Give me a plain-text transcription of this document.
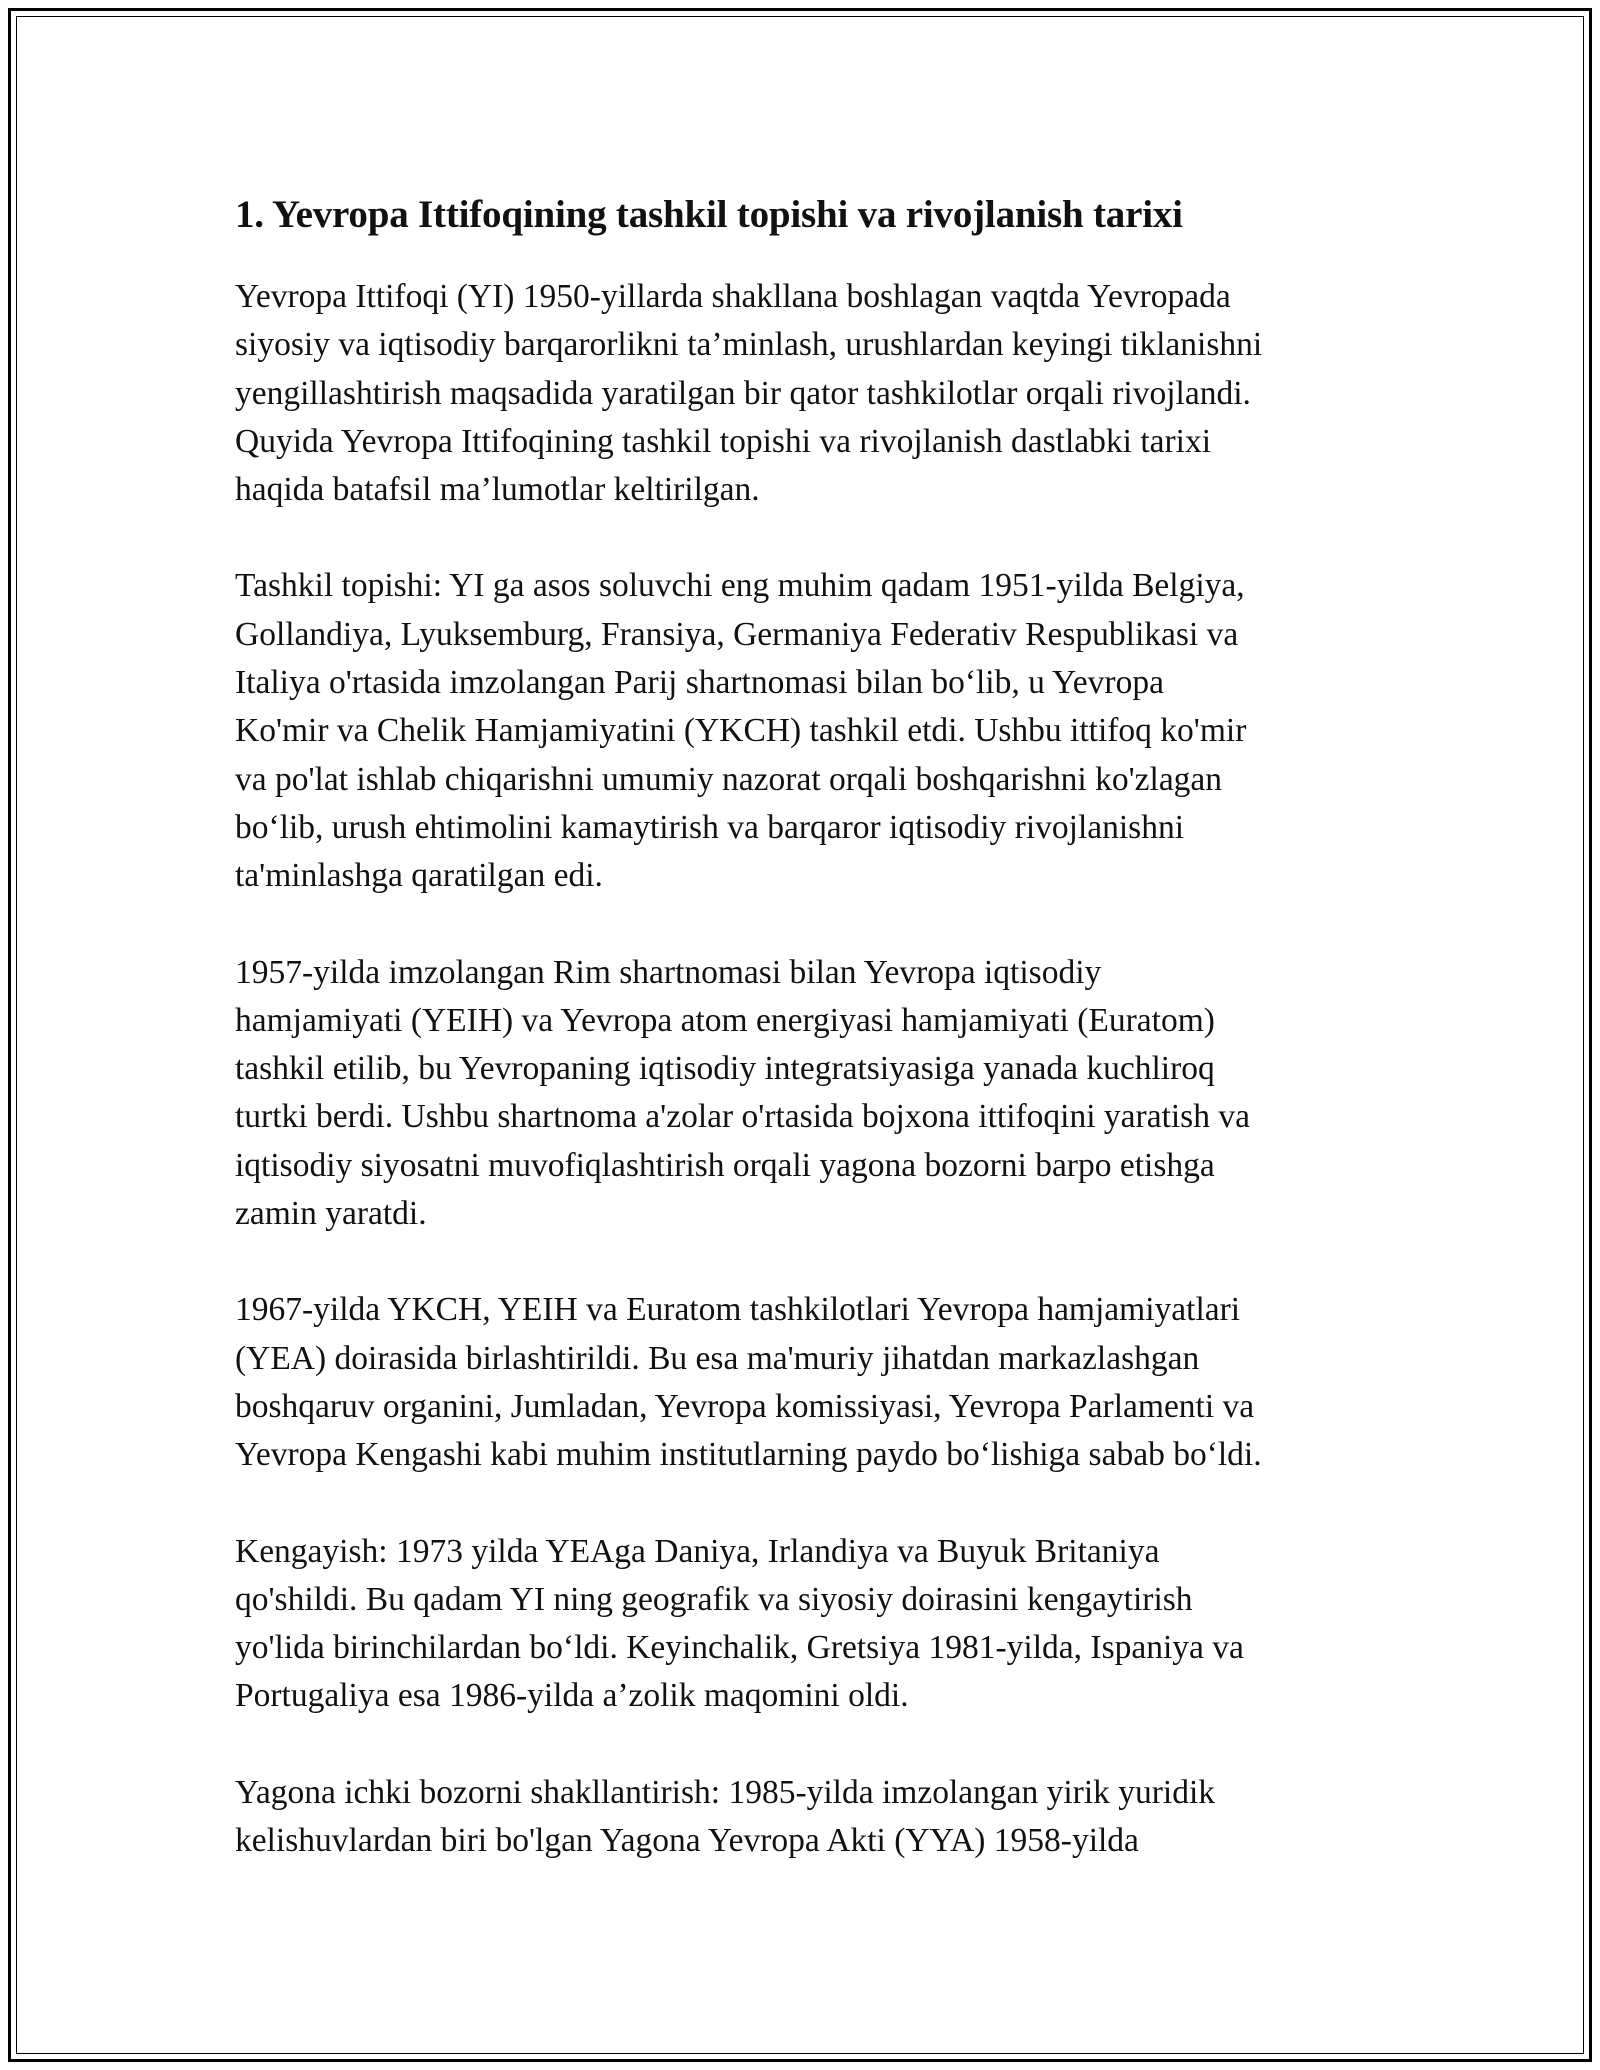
1. Yevropa Ittifoqining tashkil topishi va rivojlanish tarixi
Yevropa Ittifoqi (YI) 1950-yillarda shakllana boshlagan vaqtda Yevropada
siyosiy va iqtisodiy barqarorlikni ta’minlash, urushlardan keyingi tiklanishni
yengillashtirish maqsadida yaratilgan bir qator tashkilotlar orqali rivojlandi.
Quyida Yevropa Ittifoqining tashkil topishi va rivojlanish dastlabki tarixi
haqida batafsil ma’lumotlar keltirilgan.
Tashkil topishi: YI ga asos soluvchi eng muhim qadam 1951-yilda Belgiya,
Gollandiya, Lyuksemburg, Fransiya, Germaniya Federativ Respublikasi va
Italiya o'rtasida imzolangan Parij shartnomasi bilan boʻlib, u Yevropa
Ko'mir va Chelik Hamjamiyatini (YKCH) tashkil etdi. Ushbu ittifoq ko'mir
va po'lat ishlab chiqarishni umumiy nazorat orqali boshqarishni ko'zlagan
boʻlib, urush ehtimolini kamaytirish va barqaror iqtisodiy rivojlanishni
ta'minlashga qaratilgan edi.
1957-yilda imzolangan Rim shartnomasi bilan Yevropa iqtisodiy
hamjamiyati (YEIH) va Yevropa atom energiyasi hamjamiyati (Euratom)
tashkil etilib, bu Yevropaning iqtisodiy integratsiyasiga yanada kuchliroq
turtki berdi. Ushbu shartnoma a'zolar o'rtasida bojxona ittifoqini yaratish va
iqtisodiy siyosatni muvofiqlashtirish orqali yagona bozorni barpo etishga
zamin yaratdi.
1967-yilda YKCH, YEIH va Euratom tashkilotlari Yevropa hamjamiyatlari
(YEA) doirasida birlashtirildi. Bu esa ma'muriy jihatdan markazlashgan
boshqaruv organini, Jumladan, Yevropa komissiyasi, Yevropa Parlamenti va
Yevropa Kengashi kabi muhim institutlarning paydo boʻlishiga sabab boʻldi.
Kengayish: 1973 yilda YEAga Daniya, Irlandiya va Buyuk Britaniya
qo'shildi. Bu qadam YI ning geografik va siyosiy doirasini kengaytirish
yo'lida birinchilardan boʻldi. Keyinchalik, Gretsiya 1981-yilda, Ispaniya va
Portugaliya esa 1986-yilda a’zolik maqomini oldi.
Yagona ichki bozorni shakllantirish: 1985-yilda imzolangan yirik yuridik
kelishuvlardan biri bo'lgan Yagona Yevropa Akti (YYA) 1958-yilda
